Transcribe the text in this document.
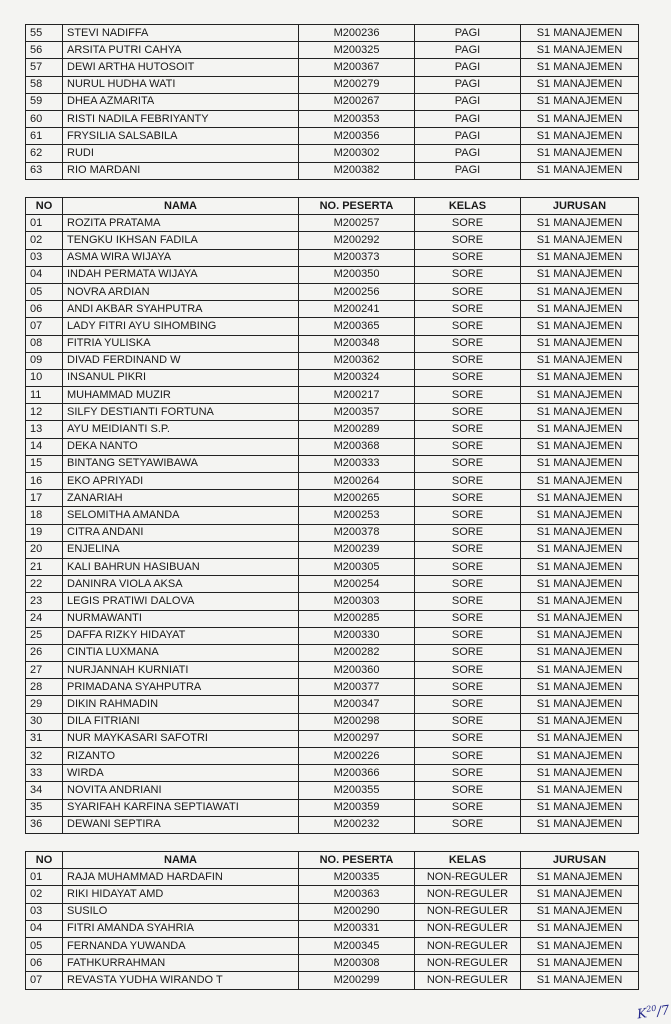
55	STEVI NADIFFA	M200236	PAGI	S1 MANAJEMEN
56	ARSITA PUTRI CAHYA	M200325	PAGI	S1 MANAJEMEN
57	DEWI ARTHA HUTOSOIT	M200367	PAGI	S1 MANAJEMEN
58	NURUL HUDHA WATI	M200279	PAGI	S1 MANAJEMEN
59	DHEA AZMARITA	M200267	PAGI	S1 MANAJEMEN
60	RISTI NADILA FEBRIYANTY	M200353	PAGI	S1 MANAJEMEN
61	FRYSILIA SALSABILA	M200356	PAGI	S1 MANAJEMEN
62	RUDI	M200302	PAGI	S1 MANAJEMEN
63	RIO MARDANI	M200382	PAGI	S1 MANAJEMEN
NO	NAMA	NO. PESERTA	KELAS	JURUSAN
01	ROZITA PRATAMA	M200257	SORE	S1 MANAJEMEN
02	TENGKU IKHSAN FADILA	M200292	SORE	S1 MANAJEMEN
03	ASMA WIRA WIJAYA	M200373	SORE	S1 MANAJEMEN
04	INDAH PERMATA WIJAYA	M200350	SORE	S1 MANAJEMEN
05	NOVRA ARDIAN	M200256	SORE	S1 MANAJEMEN
06	ANDI AKBAR SYAHPUTRA	M200241	SORE	S1 MANAJEMEN
07	LADY FITRI AYU SIHOMBING	M200365	SORE	S1 MANAJEMEN
08	FITRIA YULISKA	M200348	SORE	S1 MANAJEMEN
09	DIVAD FERDINAND W	M200362	SORE	S1 MANAJEMEN
10	INSANUL PIKRI	M200324	SORE	S1 MANAJEMEN
11	MUHAMMAD MUZIR	M200217	SORE	S1 MANAJEMEN
12	SILFY DESTIANTI FORTUNA	M200357	SORE	S1 MANAJEMEN
13	AYU MEIDIANTI S.P.	M200289	SORE	S1 MANAJEMEN
14	DEKA NANTO	M200368	SORE	S1 MANAJEMEN
15	BINTANG SETYAWIBAWA	M200333	SORE	S1 MANAJEMEN
16	EKO APRIYADI	M200264	SORE	S1 MANAJEMEN
17	ZANARIAH	M200265	SORE	S1 MANAJEMEN
18	SELOMITHA AMANDA	M200253	SORE	S1 MANAJEMEN
19	CITRA ANDANI	M200378	SORE	S1 MANAJEMEN
20	ENJELINA	M200239	SORE	S1 MANAJEMEN
21	KALI BAHRUN HASIBUAN	M200305	SORE	S1 MANAJEMEN
22	DANINRA VIOLA AKSA	M200254	SORE	S1 MANAJEMEN
23	LEGIS PRATIWI DALOVA	M200303	SORE	S1 MANAJEMEN
24	NURMAWANTI	M200285	SORE	S1 MANAJEMEN
25	DAFFA RIZKY HIDAYAT	M200330	SORE	S1 MANAJEMEN
26	CINTIA LUXMANA	M200282	SORE	S1 MANAJEMEN
27	NURJANNAH KURNIATI	M200360	SORE	S1 MANAJEMEN
28	PRIMADANA SYAHPUTRA	M200377	SORE	S1 MANAJEMEN
29	DIKIN RAHMADIN	M200347	SORE	S1 MANAJEMEN
30	DILA FITRIANI	M200298	SORE	S1 MANAJEMEN
31	NUR MAYKASARI SAFOTRI	M200297	SORE	S1 MANAJEMEN
32	RIZANTO	M200226	SORE	S1 MANAJEMEN
33	WIRDA	M200366	SORE	S1 MANAJEMEN
34	NOVITA ANDRIANI	M200355	SORE	S1 MANAJEMEN
35	SYARIFAH KARFINA SEPTIAWATI	M200359	SORE	S1 MANAJEMEN
36	DEWANI SEPTIRA	M200232	SORE	S1 MANAJEMEN
NO	NAMA	NO. PESERTA	KELAS	JURUSAN
01	RAJA MUHAMMAD HARDAFIN	M200335	NON-REGULER	S1 MANAJEMEN
02	RIKI HIDAYAT AMD	M200363	NON-REGULER	S1 MANAJEMEN
03	SUSILO	M200290	NON-REGULER	S1 MANAJEMEN
04	FITRI AMANDA SYAHRIA	M200331	NON-REGULER	S1 MANAJEMEN
05	FERNANDA YUWANDA	M200345	NON-REGULER	S1 MANAJEMEN
06	FATHKURRAHMAN	M200308	NON-REGULER	S1 MANAJEMEN
07	REVASTA YUDHA WIRANDO T	M200299	NON-REGULER	S1 MANAJEMEN
$K^{20}/7$
